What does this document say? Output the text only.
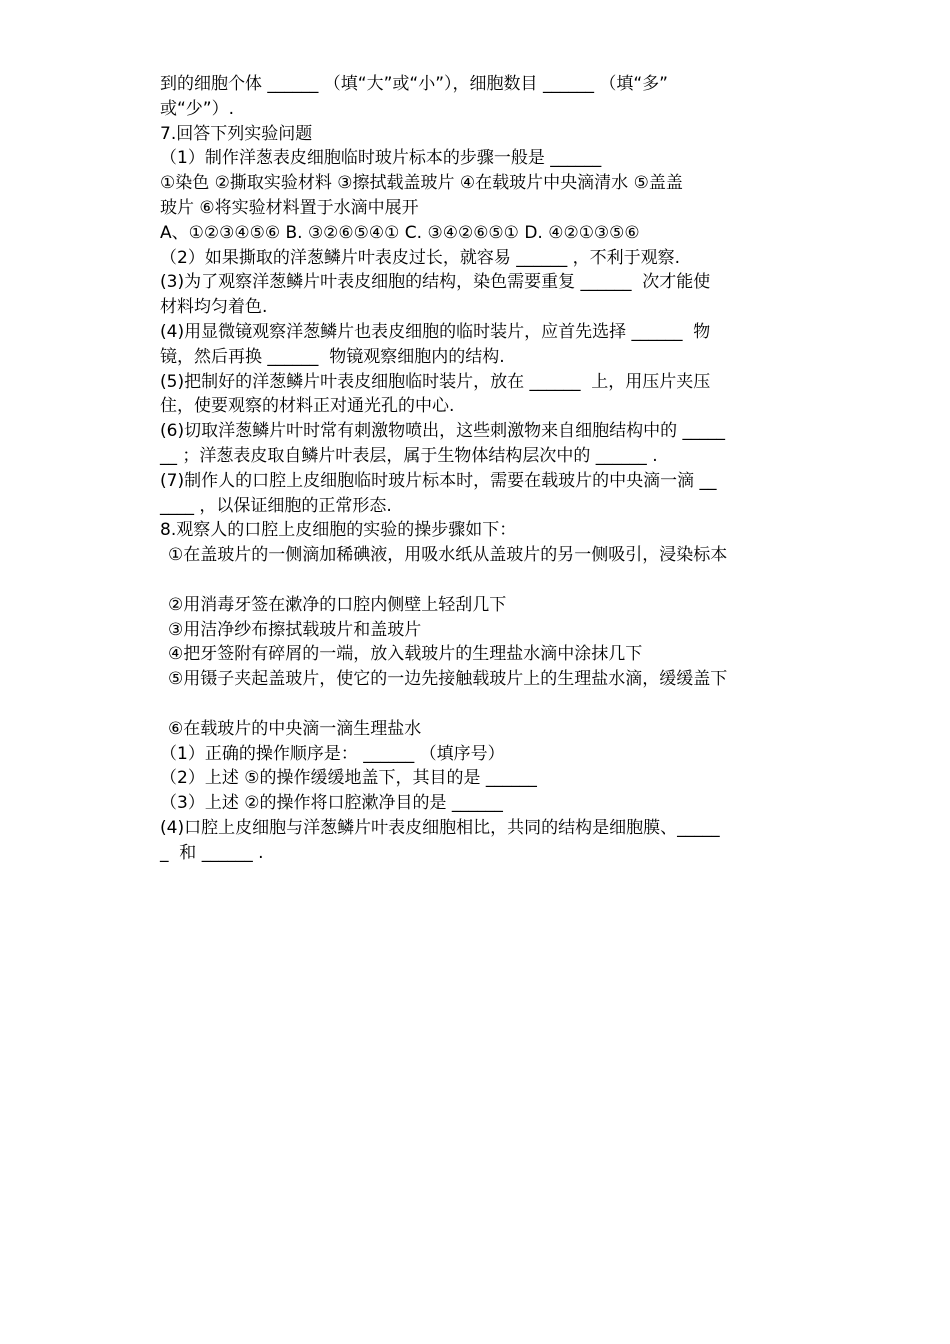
到的细胞个体 ______ （填“大”或“小”），细胞数目 ______ （填“多”
或“少”）.
7.回答下列实验问题
（1）制作洋葱表皮细胞临时玻片标本的步骤一般是 ______
①染色 ②撕取实验材料 ③擦拭载盖玻片 ④在载玻片中央滴清水 ⑤盖盖
玻片 ⑥将实验材料置于水滴中展开
A、①②③④⑤⑥ B. ③②⑥⑤④① C. ③④②⑥⑤① D. ④②①③⑤⑥
（2）如果撕取的洋葱鳞片叶表皮过长，就容易 ______ ，不利于观察.
(3)为了观察洋葱鳞片叶表皮细胞的结构，染色需要重复 ______  次才能使
材料均匀着色.
(4)用显微镜观察洋葱鳞片也表皮细胞的临时装片，应首先选择 ______  物
镜，然后再换 ______  物镜观察细胞内的结构.
(5)把制好的洋葱鳞片叶表皮细胞临时装片，放在 ______  上，用压片夹压
住，使要观察的材料正对通光孔的中心.
(6)切取洋葱鳞片叶时常有刺激物喷出，这些刺激物来自细胞结构中的 _____
__ ；洋葱表皮取自鳞片叶表层，属于生物体结构层次中的 ______ .
(7)制作人的口腔上皮细胞临时玻片标本时，需要在载玻片的中央滴一滴 __
____ ，以保证细胞的正常形态.
8.观察人的口腔上皮细胞的实验的操步骤如下：
①在盖玻片的一侧滴加稀碘液，用吸水纸从盖玻片的另一侧吸引，浸染标本
②用消毒牙签在漱净的口腔内侧壁上轻刮几下
③用洁净纱布擦拭载玻片和盖玻片
④把牙签附有碎屑的一端，放入载玻片的生理盐水滴中涂抹几下
⑤用镊子夹起盖玻片，使它的一边先接触载玻片上的生理盐水滴，缓缓盖下
⑥在载玻片的中央滴一滴生理盐水
（1）正确的操作顺序是： ______ （填序号）
（2）上述 ⑤的操作缓缓地盖下，其目的是 ______
（3）上述 ②的操作将口腔漱净目的是 ______
(4)口腔上皮细胞与洋葱鳞片叶表皮细胞相比，共同的结构是细胞膜、_____
_  和 ______ .
